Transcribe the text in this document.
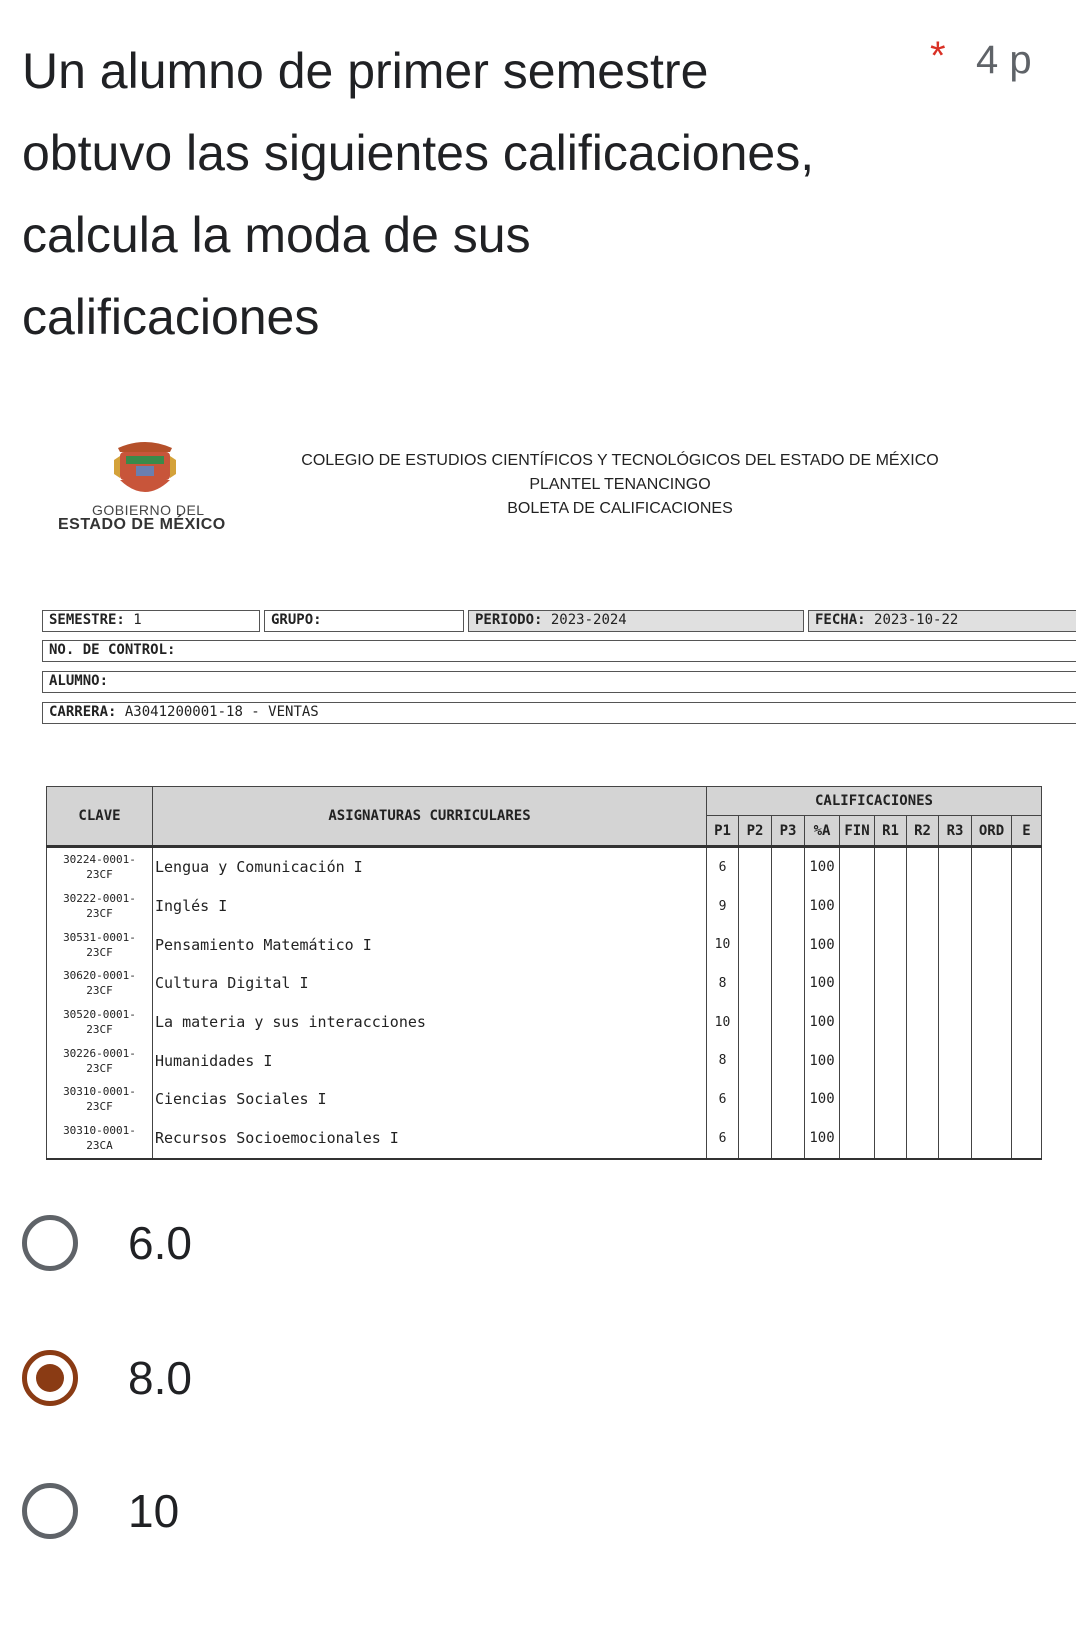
Un alumno de primer semestre
obtuvo las siguientes calificaciones,
calcula la moda de sus
calificaciones
* 4 p
GOBIERNO DEL
ESTADO DE MÉXICO
COLEGIO DE ESTUDIOS CIENTÍFICOS Y TECNOLÓGICOS DEL ESTADO DE MÉXICO
PLANTEL TENANCINGO
BOLETA DE CALIFICACIONES
SEMESTRE: 1	GRUPO:	PERIODO: 2023-2024	FECHA: 2023-10-22
NO. DE CONTROL:
ALUMNO:
CARRERA: A3041200001-18 - VENTAS
CLAVE	ASIGNATURAS CURRICULARES	CALIFICACIONES									
		P1	P2	P3	%A	FIN	R1	R2	R3	ORD	E
30224-0001-
23CF	Lengua y Comunicación I	6			100						
30222-0001-
23CF	Inglés I	9			100						
30531-0001-
23CF	Pensamiento Matemático I	10			100						
30620-0001-
23CF	Cultura Digital I	8			100						
30520-0001-
23CF	La materia y sus interacciones	10			100						
30226-0001-
23CF	Humanidades I	8			100						
30310-0001-
23CF	Ciencias Sociales I	6			100						
30310-0001-
23CA	Recursos Socioemocionales I	6			100						
6.0
8.0
10
